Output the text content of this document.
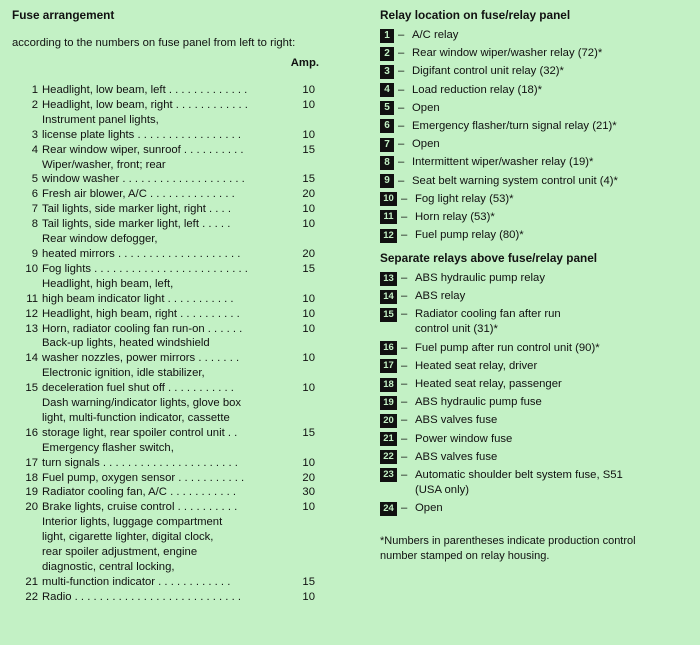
Fuse arrangement
according to the numbers on fuse panel from left to right:
Amp.
1 Headlight, low beam, left . . . . . . . . . . . . .	10
2 Headlight, low beam, right . . . . . . . . . . . .	10
3
Instrument panel lights,
license plate lights . . . . . . . . . . . . . . . . .	10
4 Rear window wiper, sunroof . . . . . . . . . .	15
5
Wiper/washer, front; rear
window washer . . . . . . . . . . . . . . . . . . . .	15
6 Fresh air blower, A/C . . . . . . . . . . . . . .	20
7 Tail lights, side marker light, right . . . .	10
8 Tail lights, side marker light, left . . . . .	10
9
Rear window defogger,
heated mirrors . . . . . . . . . . . . . . . . . . . .	20
10 Fog lights . . . . . . . . . . . . . . . . . . . . . . . . .	15
11
Headlight, high beam, left,
high beam indicator light . . . . . . . . . . .	10
12 Headlight, high beam, right . . . . . . . . . .	10
13 Horn, radiator cooling fan run-on . . . . . .	10
14
Back-up lights, heated windshield
washer nozzles, power mirrors . . . . . . .	10
15
Electronic ignition, idle stabilizer,
deceleration fuel shut off . . . . . . . . . . .	10
16
Dash warning/indicator lights, glove box
light, multi-function indicator, cassette
storage light, rear spoiler control unit . .	15
17
Emergency flasher switch,
turn signals . . . . . . . . . . . . . . . . . . . . . .	10
18 Fuel pump, oxygen sensor . . . . . . . . . . .	20
19 Radiator cooling fan, A/C . . . . . . . . . . .	30
20 Brake lights, cruise control . . . . . . . . . .	10
21
Interior lights, luggage compartment
light, cigarette lighter, digital clock,
rear spoiler adjustment, engine
diagnostic, central locking,
multi-function indicator . . . . . . . . . . . .	15
22 Radio . . . . . . . . . . . . . . . . . . . . . . . . . . .	10
Relay location on fuse/relay panel
1 – A/C relay
2 – Rear window wiper/washer relay (72)*
3 – Digifant control unit relay (32)*
4 – Load reduction relay (18)*
5 – Open
6 – Emergency flasher/turn signal relay (21)*
7 – Open
8 – Intermittent wiper/washer relay (19)*
9 – Seat belt warning system control unit (4)*
10 – Fog light relay (53)*
11 – Horn relay (53)*
12 – Fuel pump relay (80)*
Separate relays above fuse/relay panel
13 – ABS hydraulic pump relay
14 – ABS relay
15 – Radiator cooling fan after run
control unit (31)*
16 – Fuel pump after run control unit (90)*
17 – Heated seat relay, driver
18 – Heated seat relay, passenger
19 – ABS hydraulic pump fuse
20 – ABS valves fuse
21 – Power window fuse
22 – ABS valves fuse
23 – Automatic shoulder belt system fuse, S51
(USA only)
24 – Open
*Numbers in parentheses indicate production control
number stamped on relay housing.
